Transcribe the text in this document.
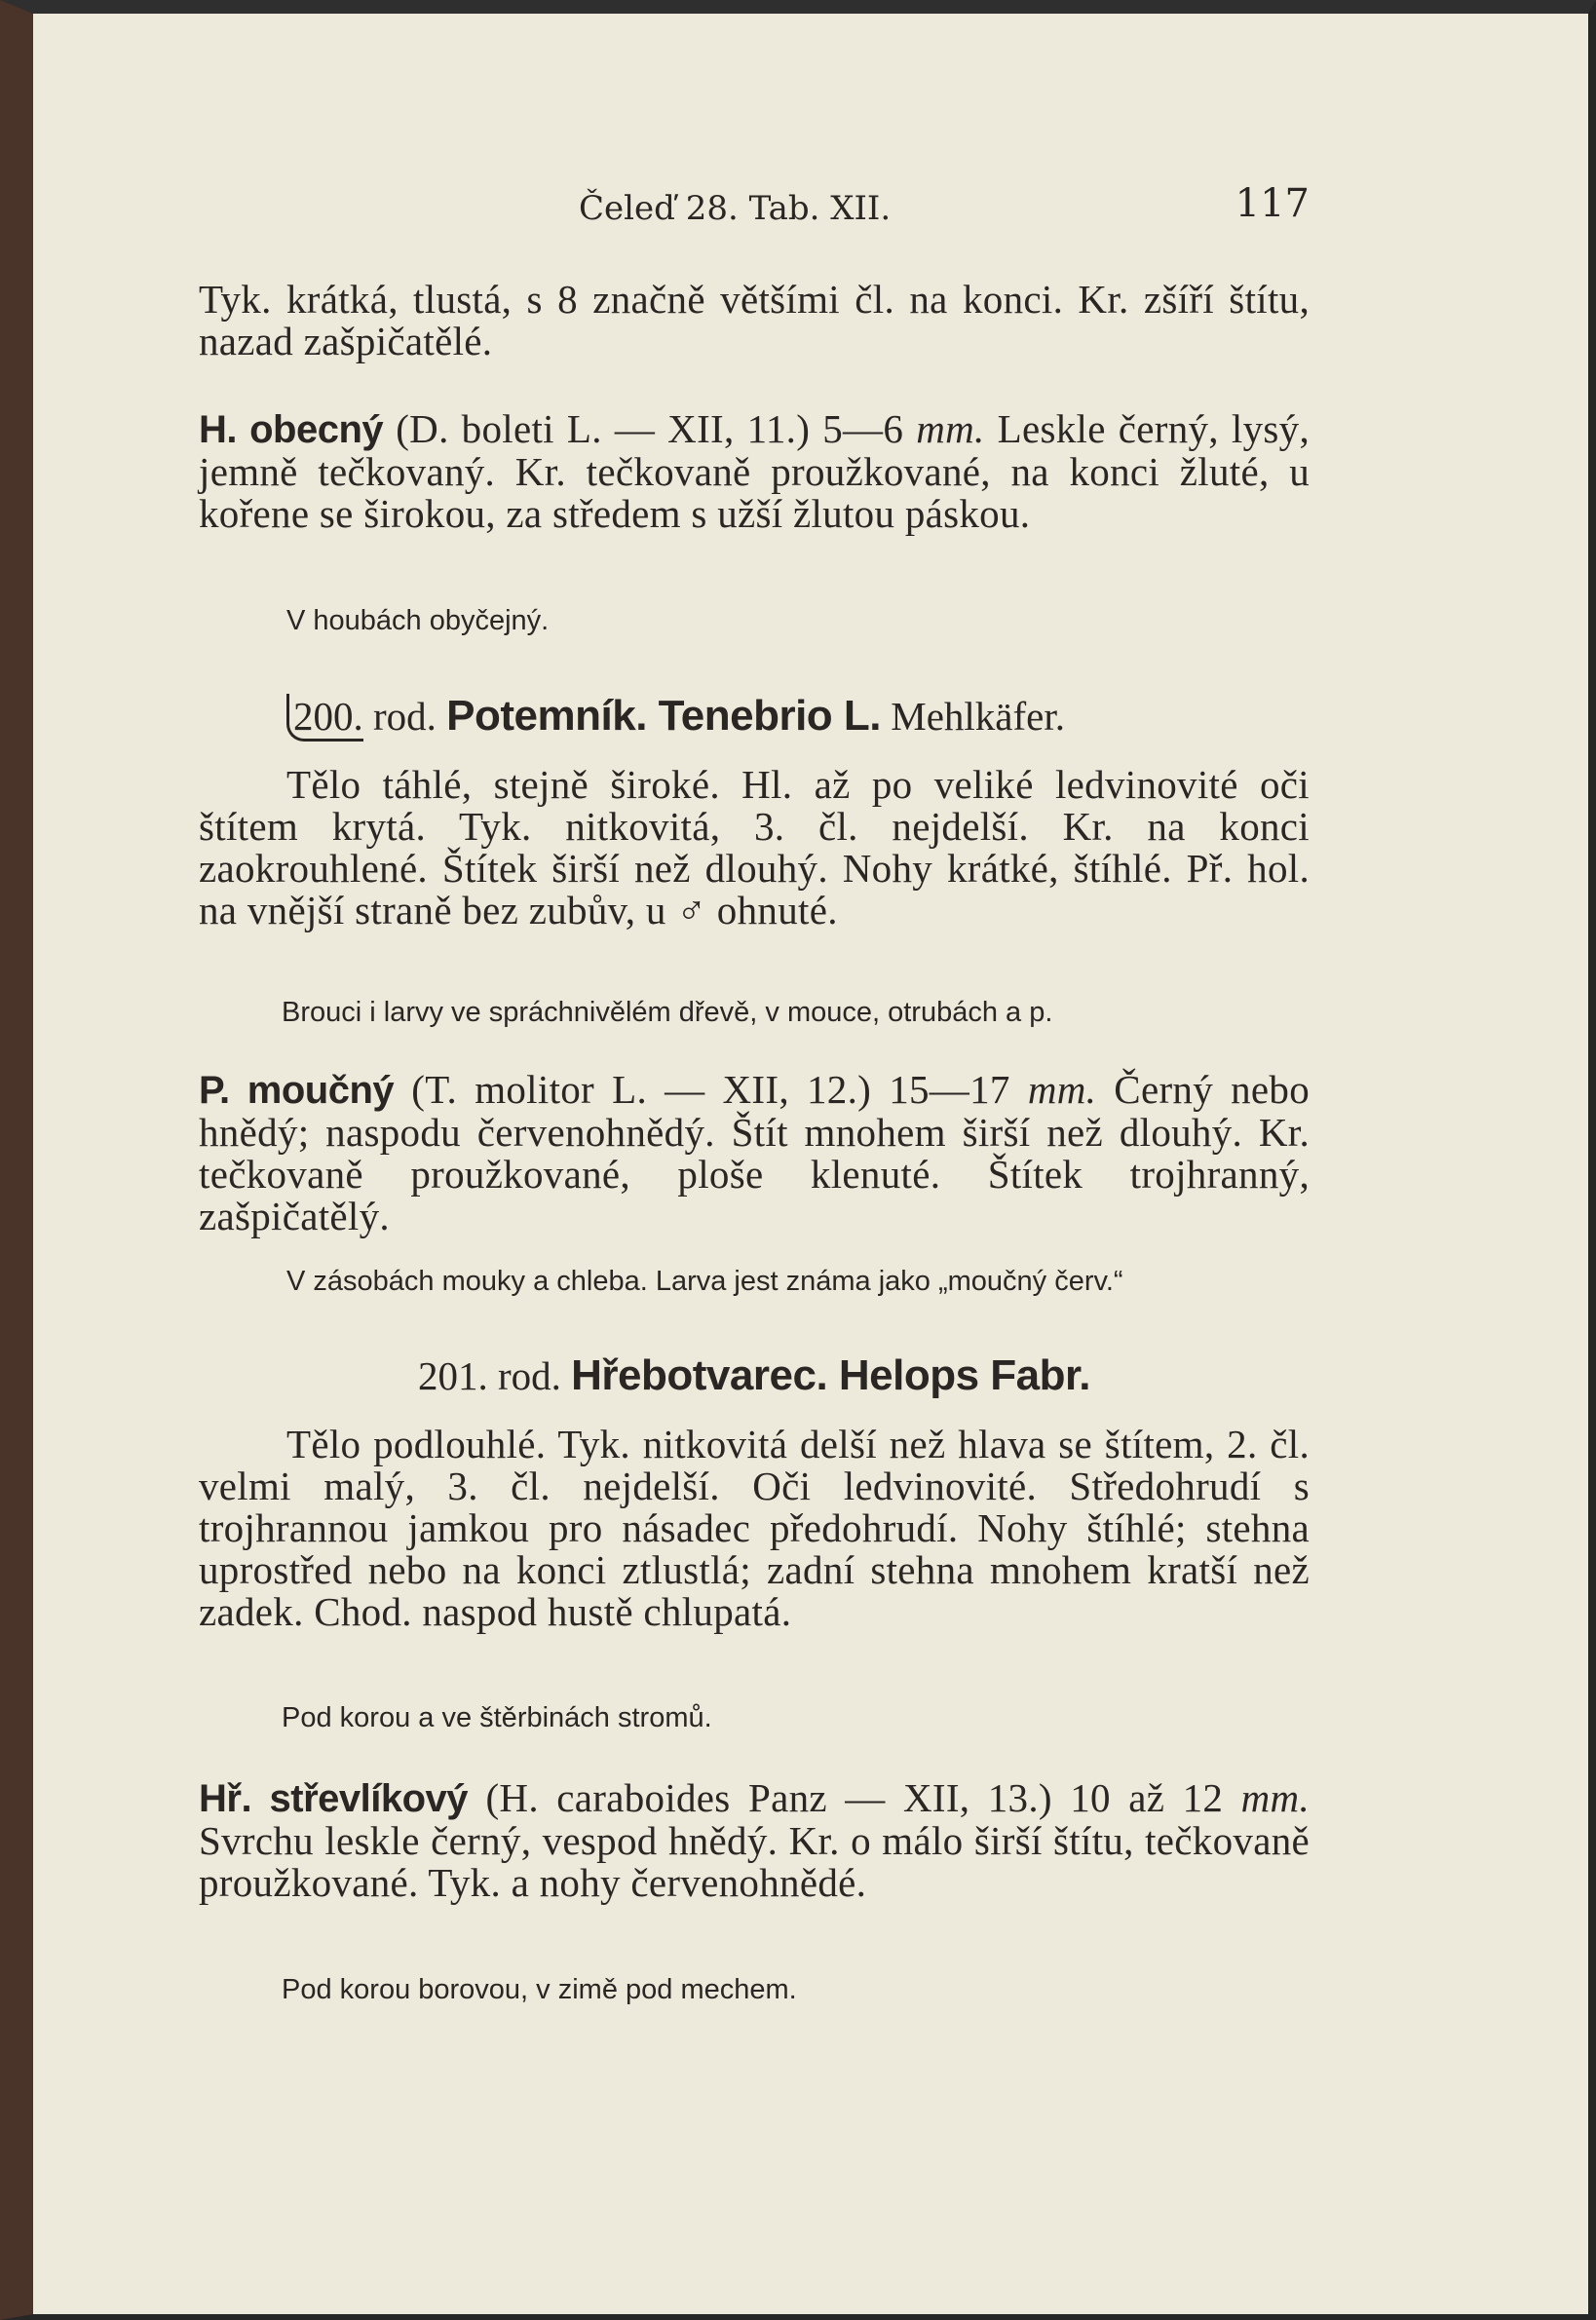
Čeleď 28. Tab. XII.	117

Tyk. krátká, tlustá, s 8 značně většími čl. na konci. Kr. zšíří štítu, nazad zašpičatělé.

H. obecný (D. boleti L. — XII, 11.) 5—6 mm. Leskle černý, lysý, jemně tečkovaný. Kr. tečkovaně proužkované, na konci žluté, u kořene se širokou, za středem s užší žlutou páskou.

V houbách obyčejný.

200. rod. Potemník. Tenebrio L. Mehlkäfer.

Tělo táhlé, stejně široké. Hl. až po veliké ledvinovité oči štítem krytá. Tyk. nitkovitá, 3. čl. nejdelší. Kr. na konci zaokrouhlené. Štítek širší než dlouhý. Nohy krátké, štíhlé. Př. hol. na vnější straně bez zubův, u ♂ ohnuté.

Brouci i larvy ve spráchnivělém dřevě, v mouce, otrubách a p.

P. moučný (T. molitor L. — XII, 12.) 15—17 mm. Černý nebo hnědý; naspodu červenohnědý. Štít mnohem širší než dlouhý. Kr. tečkovaně proužkované, ploše klenuté. Štítek trojhranný, zašpičatělý.

V zásobách mouky a chleba. Larva jest známa jako „moučný červ.“

201. rod. Hřebotvarec. Helops Fabr.

Tělo podlouhlé. Tyk. nitkovitá delší než hlava se štítem, 2. čl. velmi malý, 3. čl. nejdelší. Oči ledvinovité. Středohrudí s trojhrannou jamkou pro násadec předohrudí. Nohy štíhlé; stehna uprostřed nebo na konci ztlustlá; zadní stehna mnohem kratší než zadek. Chod. naspod hustě chlupatá.

Pod korou a ve štěrbinách stromů.

Hř. střevlíkový (H. caraboides Panz — XII, 13.) 10 až 12 mm. Svrchu leskle černý, vespod hnědý. Kr. o málo širší štítu, tečkovaně proužkované. Tyk. a nohy červenohnědé.

Pod korou borovou, v zimě pod mechem.
